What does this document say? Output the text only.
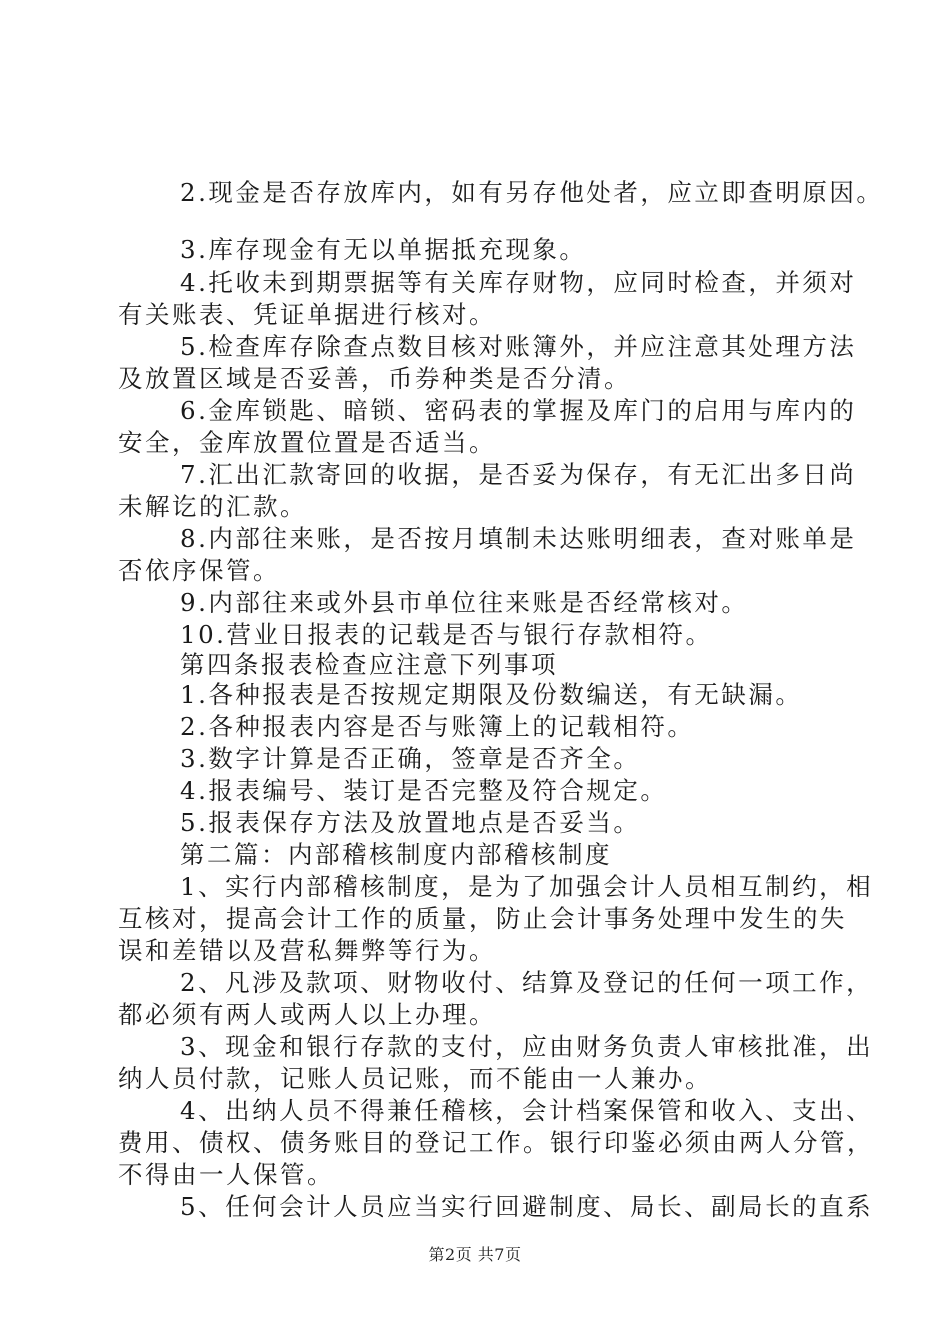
2.现金是否存放库内，如有另存他处者，应立即查明原因。
3.库存现金有无以单据抵充现象。
4.托收未到期票据等有关库存财物，应同时检查，并须对
有关账表、凭证单据进行核对。
5.检查库存除查点数目核对账簿外，并应注意其处理方法
及放置区域是否妥善，币券种类是否分清。
6.金库锁匙、暗锁、密码表的掌握及库门的启用与库内的
安全，金库放置位置是否适当。
7.汇出汇款寄回的收据，是否妥为保存，有无汇出多日尚
未解讫的汇款。
8.内部往来账，是否按月填制未达账明细表，查对账单是
否依序保管。
9.内部往来或外县市单位往来账是否经常核对。
10.营业日报表的记载是否与银行存款相符。
第四条报表检查应注意下列事项
1.各种报表是否按规定期限及份数编送，有无缺漏。
2.各种报表内容是否与账簿上的记载相符。
3.数字计算是否正确，签章是否齐全。
4.报表编号、装订是否完整及符合规定。
5.报表保存方法及放置地点是否妥当。
第二篇：内部稽核制度内部稽核制度
1、实行内部稽核制度，是为了加强会计人员相互制约，相
互核对，提高会计工作的质量，防止会计事务处理中发生的失
误和差错以及营私舞弊等行为。
2、凡涉及款项、财物收付、结算及登记的任何一项工作，
都必须有两人或两人以上办理。
3、现金和银行存款的支付，应由财务负责人审核批准，出
纳人员付款，记账人员记账，而不能由一人兼办。
4、出纳人员不得兼任稽核，会计档案保管和收入、支出、
费用、债权、债务账目的登记工作。银行印鉴必须由两人分管，
不得由一人保管。
5、任何会计人员应当实行回避制度、局长、副局长的直系
第2页 共7页
